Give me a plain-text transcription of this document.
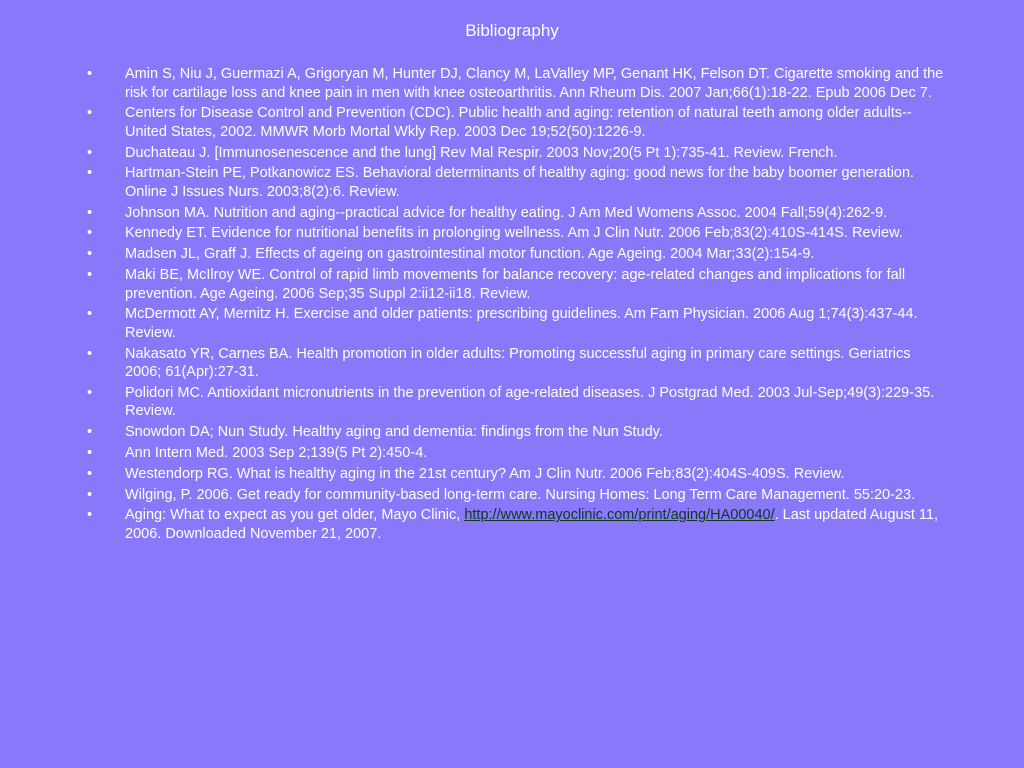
Bibliography
• Amin S, Niu J, Guermazi A, Grigoryan M, Hunter DJ, Clancy M, LaValley MP, Genant HK, Felson DT. Cigarette smoking and the risk for cartilage loss and knee pain in men with knee osteoarthritis. Ann Rheum Dis. 2007 Jan;66(1):18-22. Epub 2006 Dec 7.
• Centers for Disease Control and Prevention (CDC). Public health and aging: retention of natural teeth among older adults--United States, 2002. MMWR Morb Mortal Wkly Rep. 2003 Dec 19;52(50):1226-9.
• Duchateau J. [Immunosenescence and the lung] Rev Mal Respir. 2003 Nov;20(5 Pt 1):735-41. Review. French.
• Hartman-Stein PE, Potkanowicz ES. Behavioral determinants of healthy aging: good news for the baby boomer generation. Online J Issues Nurs. 2003;8(2):6. Review.
• Johnson MA. Nutrition and aging--practical advice for healthy eating. J Am Med Womens Assoc. 2004 Fall;59(4):262-9.
• Kennedy ET. Evidence for nutritional benefits in prolonging wellness. Am J Clin Nutr. 2006 Feb;83(2):410S-414S. Review.
• Madsen JL, Graff J. Effects of ageing on gastrointestinal motor function. Age Ageing. 2004 Mar;33(2):154-9.
• Maki BE, McIlroy WE. Control of rapid limb movements for balance recovery: age-related changes and implications for fall prevention. Age Ageing. 2006 Sep;35 Suppl 2:ii12-ii18. Review.
• McDermott AY, Mernitz H. Exercise and older patients: prescribing guidelines. Am Fam Physician. 2006 Aug 1;74(3):437-44. Review.
• Nakasato YR, Carnes BA. Health promotion in older adults: Promoting successful aging in primary care settings. Geriatrics 2006; 61(Apr):27-31.
• Polidori MC. Antioxidant micronutrients in the prevention of age-related diseases. J Postgrad Med. 2003 Jul-Sep;49(3):229-35. Review.
• Snowdon DA; Nun Study. Healthy aging and dementia: findings from the Nun Study.
• Ann Intern Med. 2003 Sep 2;139(5 Pt 2):450-4.
• Westendorp RG. What is healthy aging in the 21st century? Am J Clin Nutr. 2006 Feb;83(2):404S-409S. Review.
• Wilging, P. 2006. Get ready for community-based long-term care. Nursing Homes: Long Term Care Management. 55:20-23.
• Aging: What to expect as you get older, Mayo Clinic, http://www.mayoclinic.com/print/aging/HA00040/. Last updated August 11, 2006. Downloaded November 21, 2007.
